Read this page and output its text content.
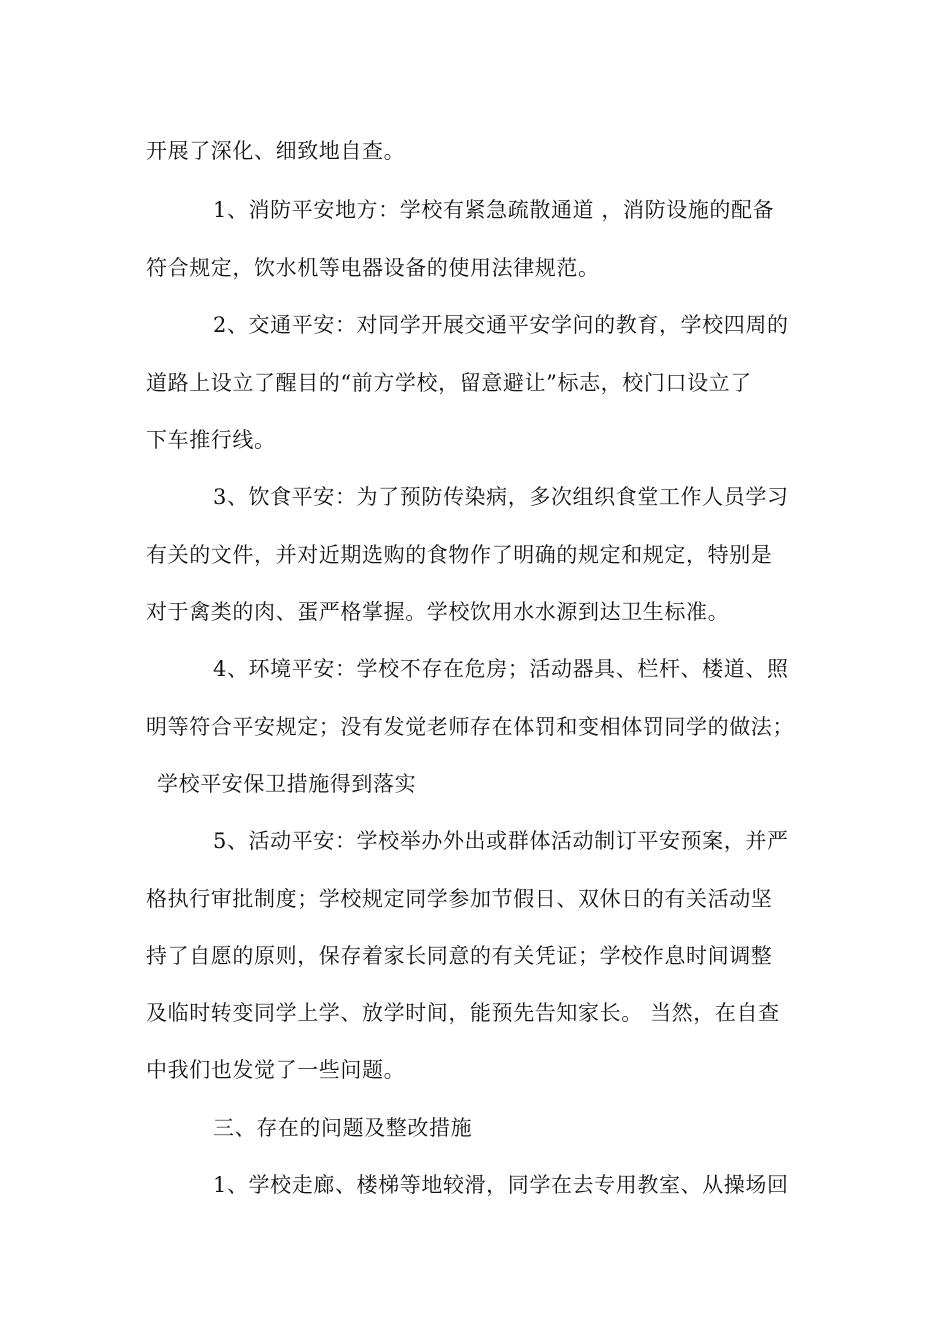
开展了深化、细致地自查。
1、消防平安地方：学校有紧急疏散通道 ，消防设施的配备
符合规定，饮水机等电器设备的使用法律规范。
2、交通平安：对同学开展交通平安学问的教育，学校四周的
道路上设立了醒目的“前方学校，留意避让”标志，校门口设立了
下车推行线。
3、饮食平安：为了预防传染病，多次组织食堂工作人员学习
有关的文件，并对近期选购的食物作了明确的规定和规定，特别是
对于禽类的肉、蛋严格掌握。学校饮用水水源到达卫生标准。
4、环境平安：学校不存在危房；活动器具、栏杆、楼道、照
明等符合平安规定；没有发觉老师存在体罚和变相体罚同学的做法；
学校平安保卫措施得到落实
5、活动平安：学校举办外出或群体活动制订平安预案，并严
格执行审批制度；学校规定同学参加节假日、双休日的有关活动坚
持了自愿的原则，保存着家长同意的有关凭证；学校作息时间调整
及临时转变同学上学、放学时间，能预先告知家长。 当然，在自查
中我们也发觉了一些问题。
三、存在的问题及整改措施
1、学校走廊、楼梯等地较滑，同学在去专用教室、从操场回
